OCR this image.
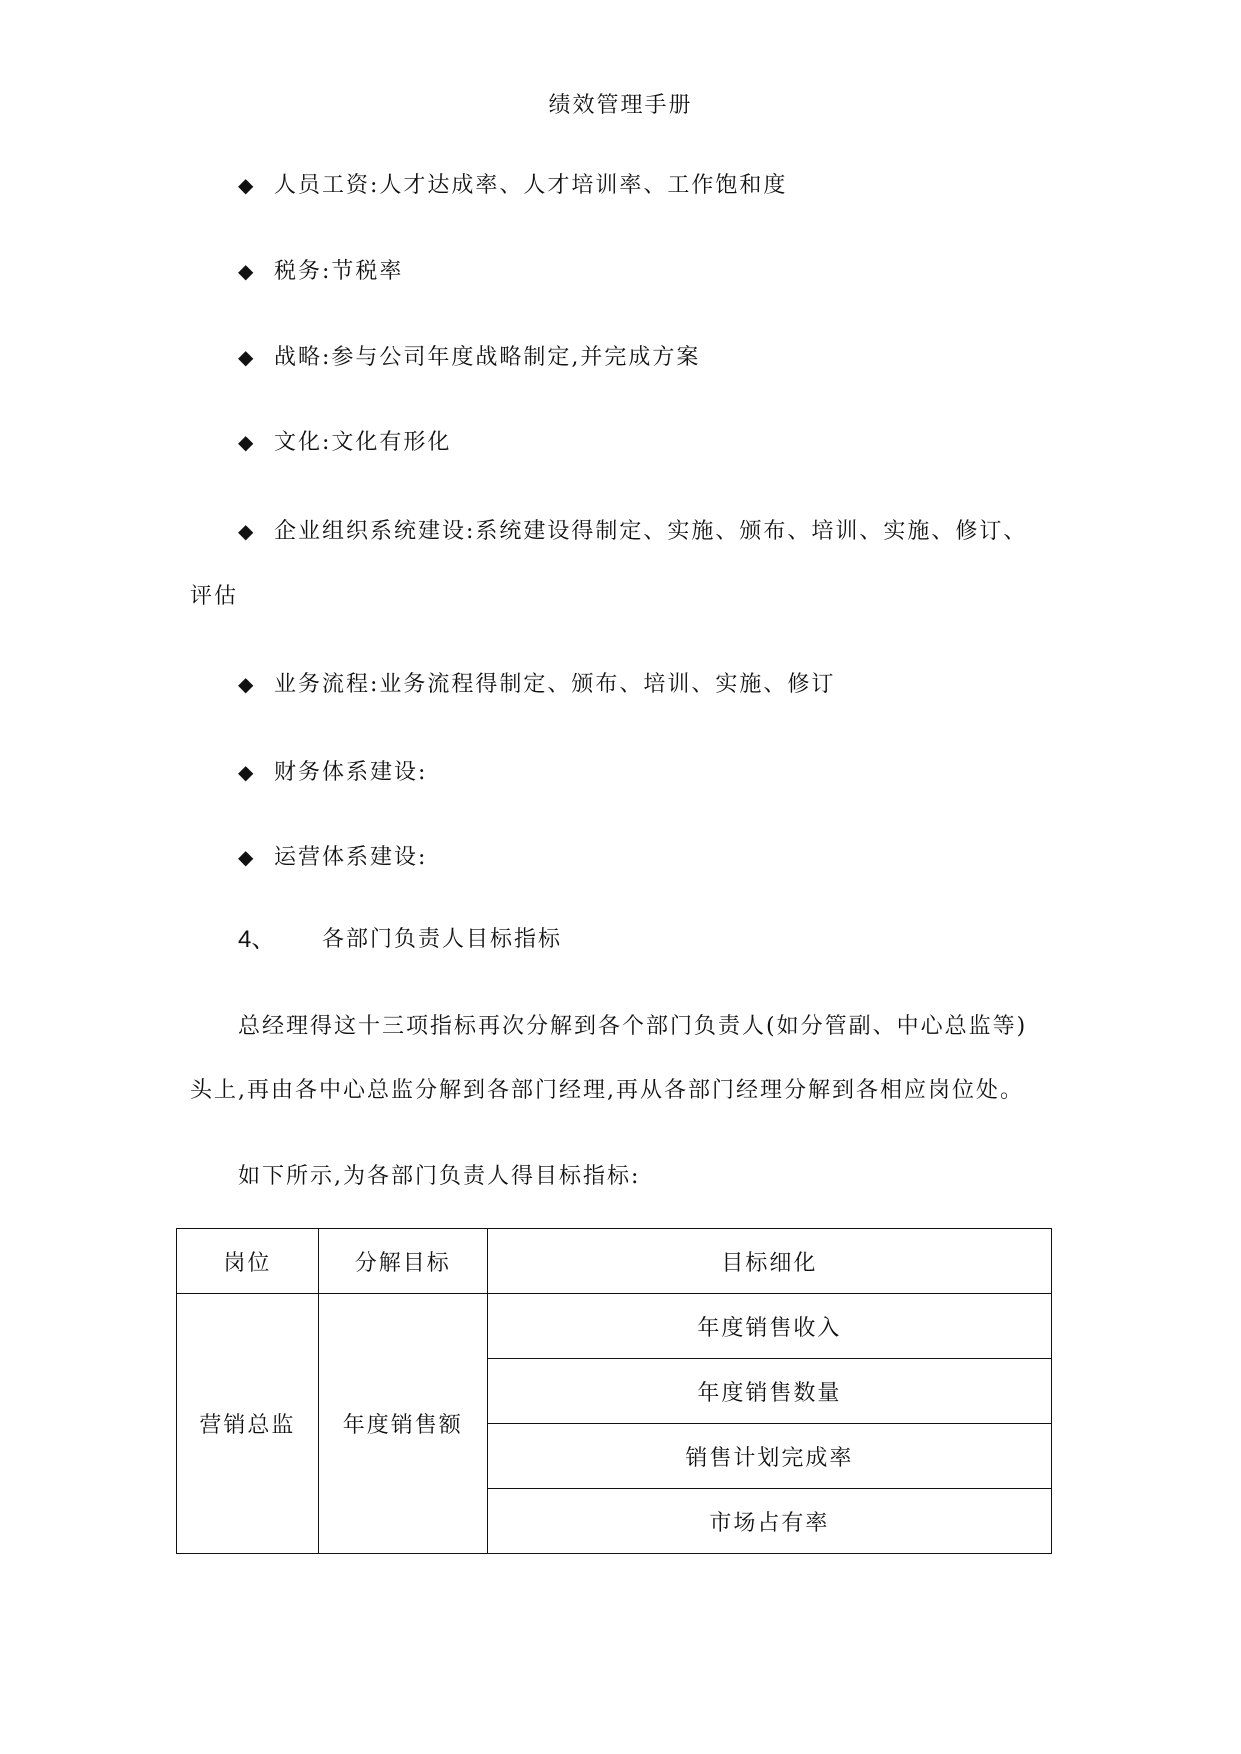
绩效管理手册
◆ 人员工资:人才达成率、人才培训率、工作饱和度
◆ 税务:节税率
◆ 战略:参与公司年度战略制定,并完成方案
◆ 文化:文化有形化
◆ 企业组织系统建设:系统建设得制定、实施、颁布、培训、实施、修订、
评估
◆ 业务流程:业务流程得制定、颁布、培训、实施、修订
◆ 财务体系建设:
◆ 运营体系建设:
4、 各部门负责人目标指标
总经理得这十三项指标再次分解到各个部门负责人(如分管副、中心总监等)
头上,再由各中心总监分解到各部门经理,再从各部门经理分解到各相应岗位处。
如下所示,为各部门负责人得目标指标:
岗位	分解目标	目标细化
营销总监	年度销售额	年度销售收入
		年度销售数量
		销售计划完成率
		市场占有率
